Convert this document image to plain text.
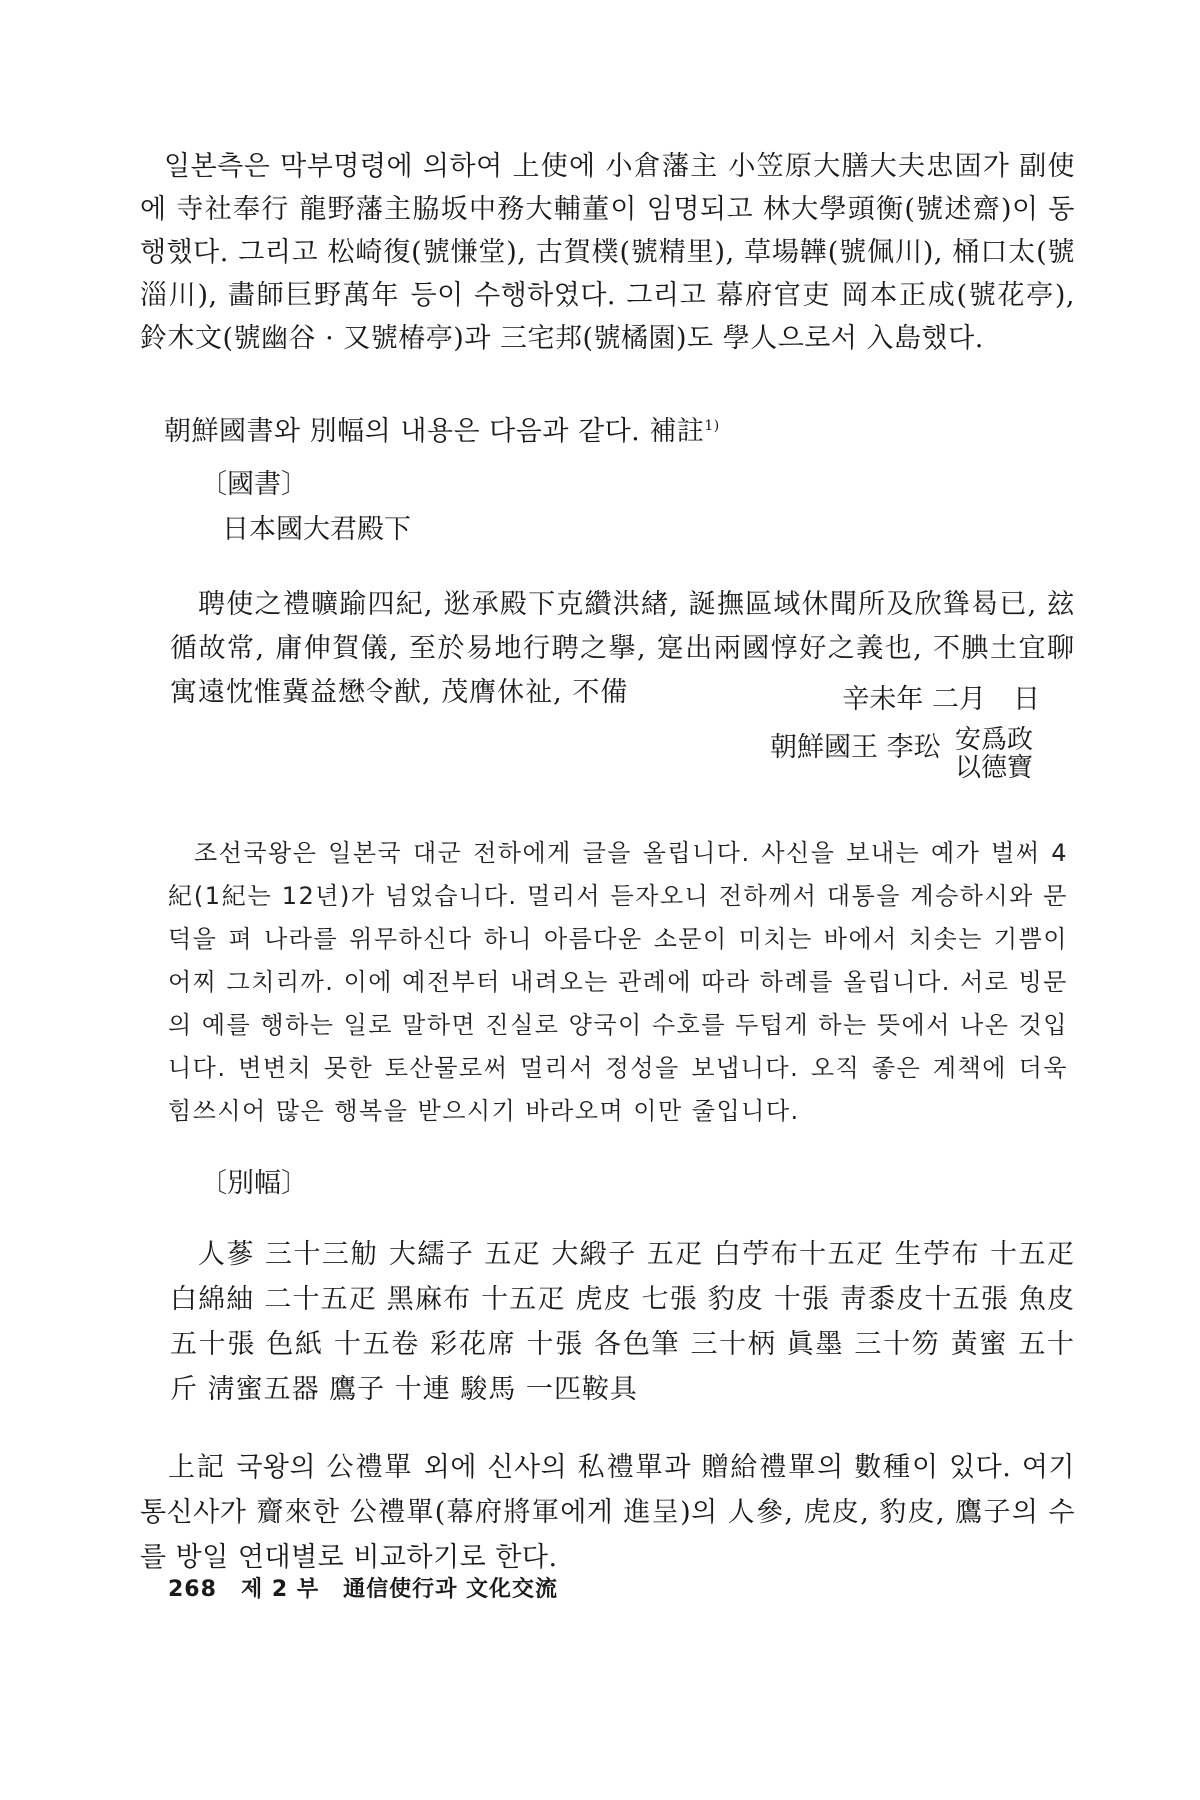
일본측은 막부명령에 의하여 上使에 小倉藩主 小笠原大膳大夫忠固가 副使에 寺社奉行 龍野藩主脇坂中務大輔董이 임명되고 林大學頭衡(號述齋)이 동행했다. 그리고 松崎復(號慊堂), 古賀樸(號精里), 草場韡(號佩川), 桶口太(號淄川), 畵師巨野萬年 등이 수행하였다. 그리고 幕府官吏 岡本正成(號花亭), 鈴木文(號幽谷 · 又號椿亭)과 三宅邦(號橘園)도 學人으로서 入島했다.

朝鮮國書와 別幅의 내용은 다음과 같다. 補註$^{1)}$

〔國書〕
日本國大君殿下

聘使之禮曠踰四紀, 逖承殿下克纘洪緖, 誕撫區域休聞所及欣聳曷已, 玆循故常, 庸伸賀儀, 至於易地行聘之擧, 寔出兩國惇好之義也, 不腆土宜聊寓遠忱惟冀益懋令猷, 茂膺休祉, 不備	辛未年 二月　日
朝鮮國王 李玜 安爲政
以德寶

조선국왕은 일본국 대군 전하에게 글을 올립니다. 사신을 보내는 예가 벌써 4紀(1紀는 12년)가 넘었습니다. 멀리서 듣자오니 전하께서 대통을 계승하시와 문덕을 펴 나라를 위무하신다 하니 아름다운 소문이 미치는 바에서 치솟는 기쁨이 어찌 그치리까. 이에 예전부터 내려오는 관례에 따라 하례를 올립니다. 서로 빙문의 예를 행하는 일로 말하면 진실로 양국이 수호를 두텁게 하는 뜻에서 나온 것입니다. 변변치 못한 토산물로써 멀리서 정성을 보냅니다. 오직 좋은 계책에 더욱 힘쓰시어 많은 행복을 받으시기 바라오며 이만 줄입니다.

〔別幅〕

人蔘 三十三觔 大繻子 五疋 大緞子 五疋 白苧布十五疋 生苧布 十五疋 白綿紬 二十五疋 黑麻布 十五疋 虎皮 七張 豹皮 十張 靑黍皮十五張 魚皮 五十張 色紙 十五卷 彩花席 十張 各色筆 三十柄 眞墨 三十笏 黃蜜 五十斤 淸蜜五器 鷹子 十連 駿馬 一匹鞍具

上記 국왕의 公禮單 외에 신사의 私禮單과 贈給禮單의 數種이 있다. 여기 통신사가 齎來한 公禮單(幕府將軍에게 進呈)의 人參, 虎皮, 豹皮, 鷹子의 수를 방일 연대별로 비교하기로 한다.

268 제 2 부 通信使行과 文化交流
